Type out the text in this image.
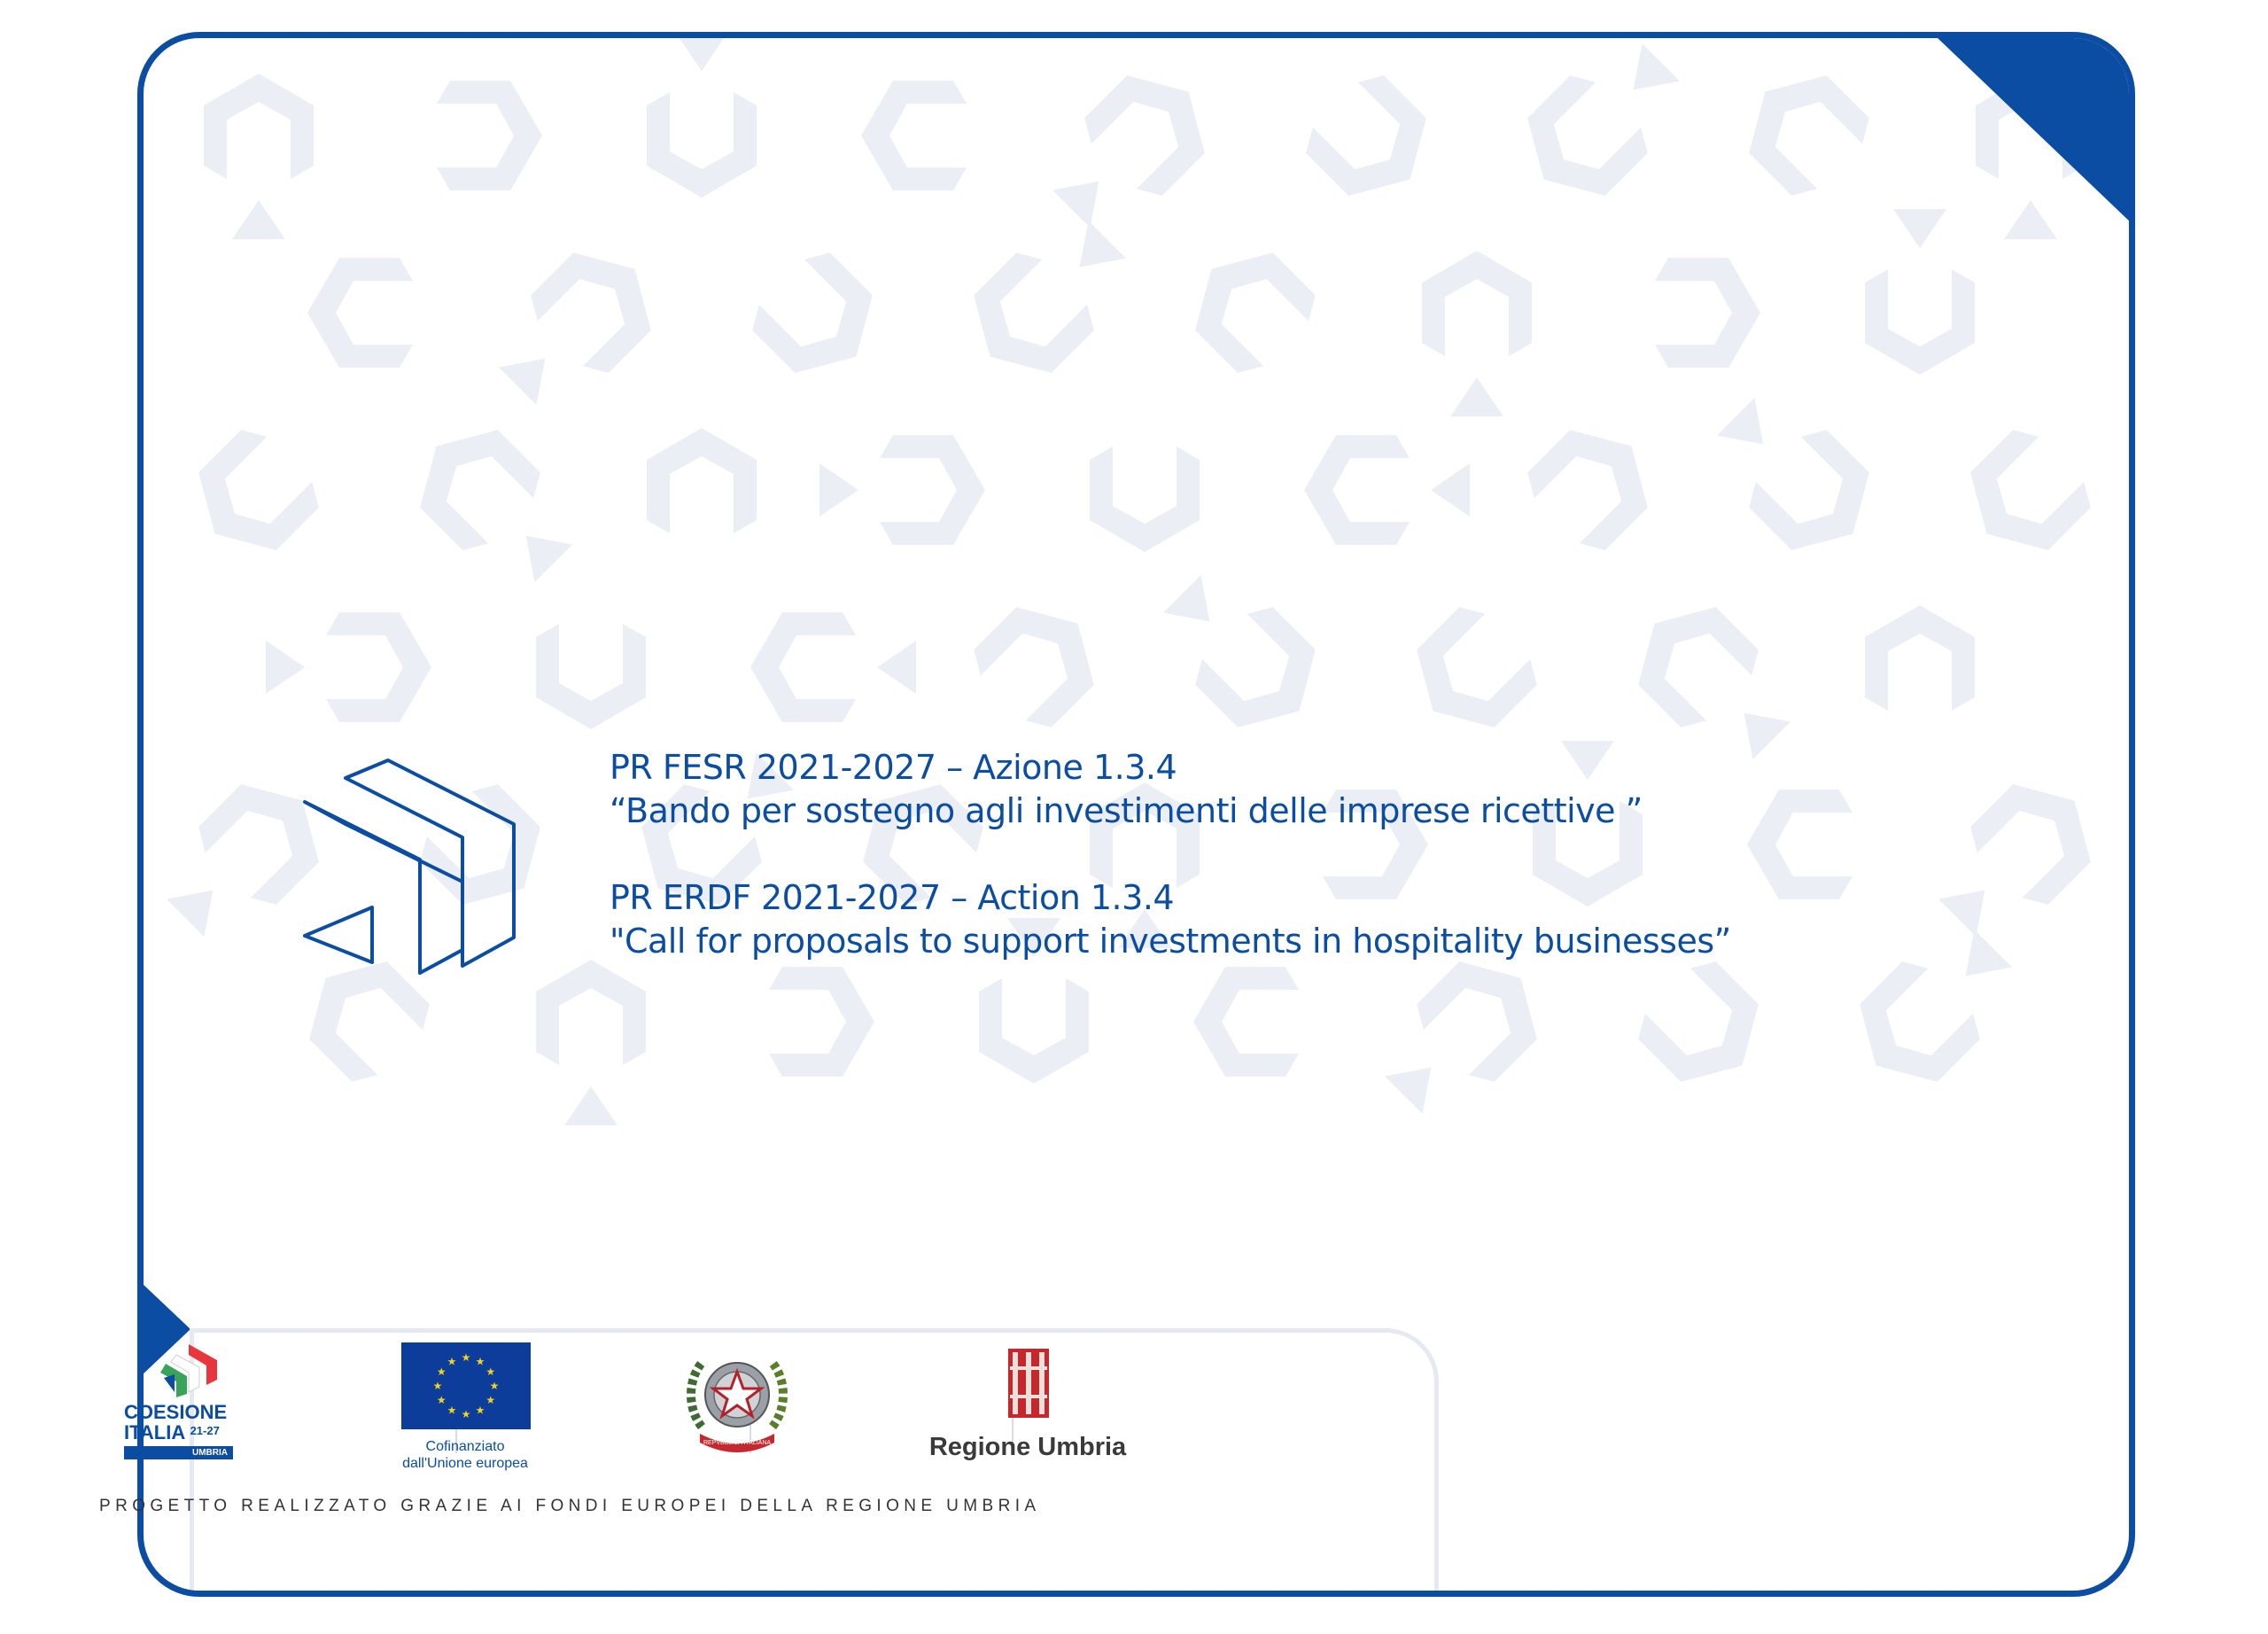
PR FESR 2021-2027 – Azione 1.3.4
“Bando per sostegno agli investimenti delle imprese ricettive ”
PR ERDF 2021-2027 – Action 1.3.4
"Call for proposals to support investments in hospitality businesses”
COESIONE
ITALIA $^{21-27}$
UMBRIA
★ ★
★
★
★
★
★
★
★
★
★
★
Cofinanziato
dall'Unione europea
REPVBBLICA ITALIANA	Regione Umbria
PROGETTO REALIZZATO GRAZIE AI FONDI EUROPEI DELLA REGIONE UMBRIA
